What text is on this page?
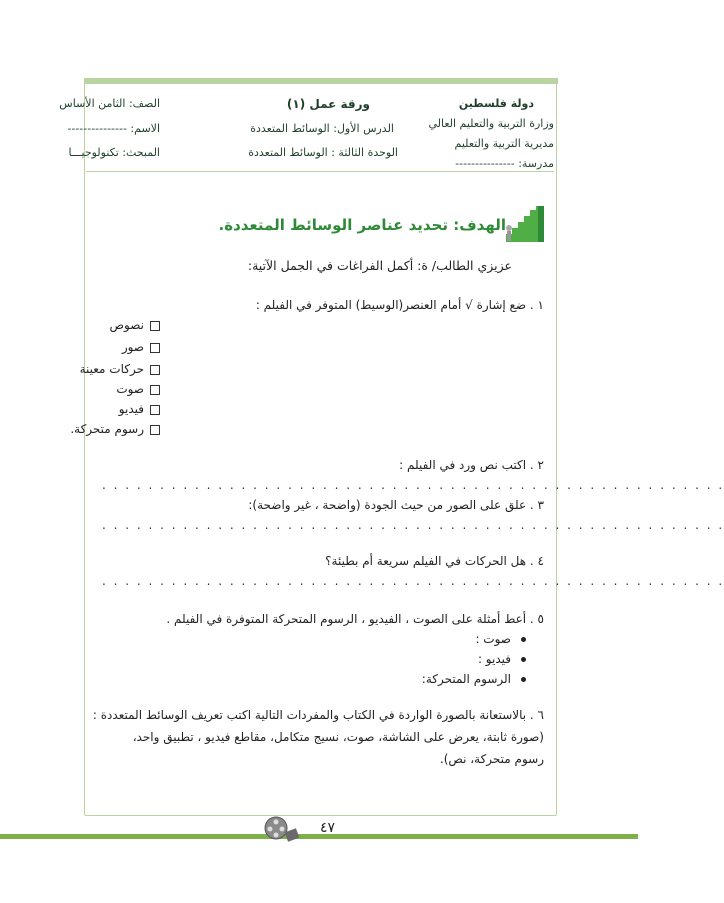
دولة فلسطين
وزارة التربية والتعليم العالي
مديرية التربية والتعليم
مدرسة: ---------------
ورقة عمل (١)
الدرس الأول: الوسائط المتعددة
الوحدة الثالثة : الوسائط المتعددة
الصف: الثامن الأساس
الاسم: ---------------
المبحث: تكنولوجيـــا
الهدف: تحديد عناصر الوسائط المتعددة.
عزيزي الطالب/ ة: أكمل الفراغات في الجمل الآتية:
١ . ضع إشارة √ أمام العنصر(الوسيط) المتوفر في الفيلم :
نصوص
صور
حركات معينة
صوت
فيديو
رسوم متحركة.
٢ . اكتب نص ورد في الفيلم :
. . . . . . . . . . . . . . . . . . . . . . . . . . . . . . . . . . . . . . . . . . . . . . . . . . . . . .
٣ . علق على الصور من حيث الجودة (واضحة ، غير واضحة):
. . . . . . . . . . . . . . . . . . . . . . . . . . . . . . . . . . . . . . . . . . . . . . . . . . . . . .
٤ . هل الحركات في الفيلم سريعة أم بطيئة؟
. . . . . . . . . . . . . . . . . . . . . . . . . . . . . . . . . . . . . . . . . . . . . . . . . . . . . .
٥ . أعط أمثلة على الصوت ، الفيديو ، الرسوم المتحركة المتوفرة في الفيلم .
صوت :
فيديو :
الرسوم المتحركة:
٦ . بالاستعانة بالصورة الواردة في الكتاب والمفردات التالية اكتب تعريف الوسائط المتعددة :
(صورة ثابتة، يعرض على الشاشة، صوت، نسيج متكامل، مقاطع فيديو ، تطبيق واحد،
رسوم متحركة، نص).
٤٧
